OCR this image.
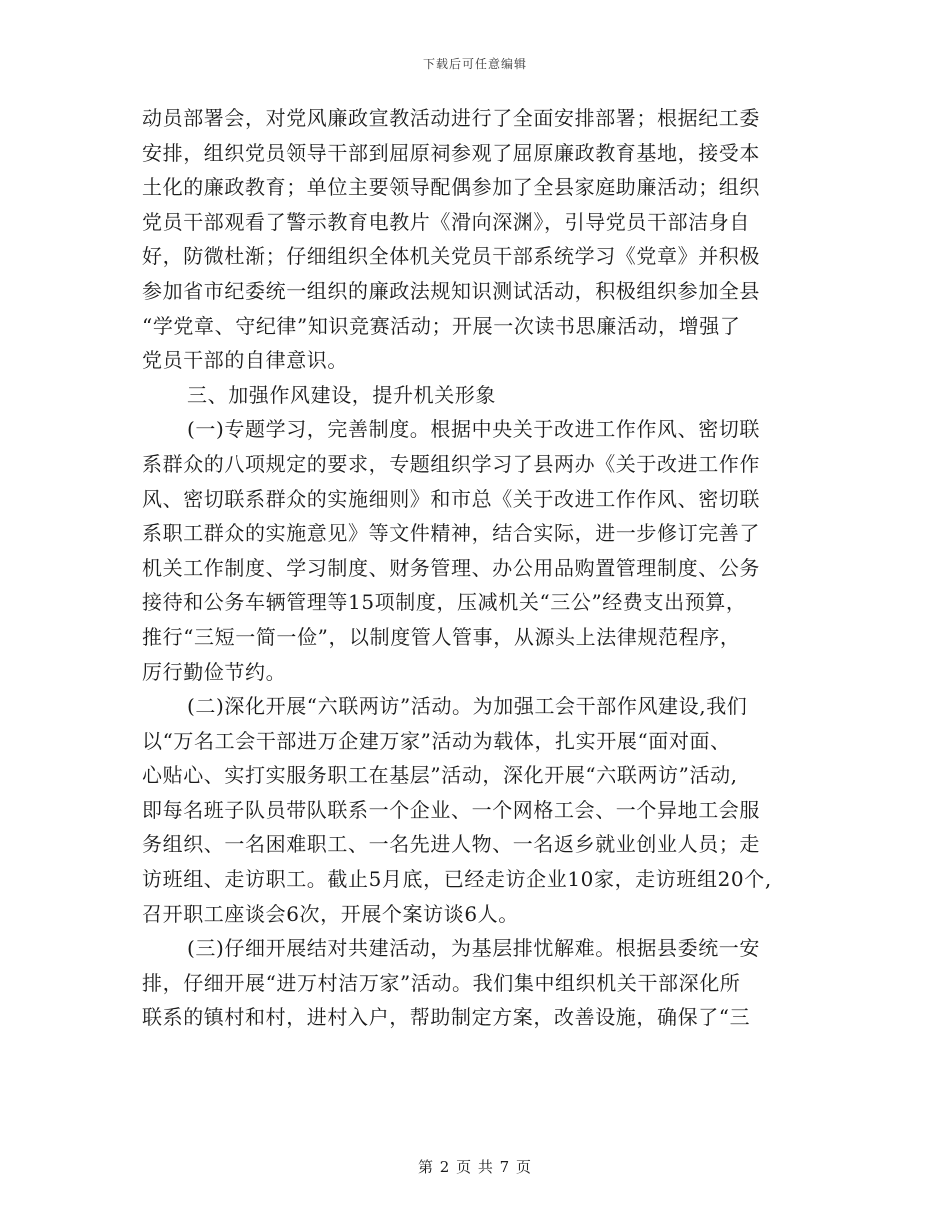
下载后可任意编辑
动员部署会，对党风廉政宣教活动进行了全面安排部署；根据纪工委
安排，组织党员领导干部到屈原祠参观了屈原廉政教育基地，接受本
土化的廉政教育；单位主要领导配偶参加了全县家庭助廉活动；组织
党员干部观看了警示教育电教片《滑向深渊》，引导党员干部洁身自
好，防微杜渐；仔细组织全体机关党员干部系统学习《党章》并积极
参加省市纪委统一组织的廉政法规知识测试活动，积极组织参加全县
“学党章、守纪律”知识竞赛活动；开展一次读书思廉活动，增强了
党员干部的自律意识。
三、加强作风建设，提升机关形象
(一)专题学习，完善制度。根据中央关于改进工作作风、密切联
系群众的八项规定的要求，专题组织学习了县两办《关于改进工作作
风、密切联系群众的实施细则》和市总《关于改进工作作风、密切联
系职工群众的实施意见》等文件精神，结合实际，进一步修订完善了
机关工作制度、学习制度、财务管理、办公用品购置管理制度、公务
接待和公务车辆管理等15项制度，压减机关“三公”经费支出预算，
推行“三短一简一俭”，以制度管人管事，从源头上法律规范程序，
厉行勤俭节约。
(二)深化开展“六联两访”活动。为加强工会干部作风建设,我们
以“万名工会干部进万企建万家”活动为载体，扎实开展“面对面、
心贴心、实打实服务职工在基层”活动，深化开展“六联两访”活动,
即每名班子队员带队联系一个企业、一个网格工会、一个异地工会服
务组织、一名困难职工、一名先进人物、一名返乡就业创业人员；走
访班组、走访职工。截止5月底，已经走访企业10家，走访班组20个,
召开职工座谈会6次，开展个案访谈6人。
(三)仔细开展结对共建活动，为基层排忧解难。根据县委统一安
排，仔细开展“进万村洁万家”活动。我们集中组织机关干部深化所
联系的镇村和村，进村入户，帮助制定方案，改善设施，确保了“三
第 2 页 共 7 页
